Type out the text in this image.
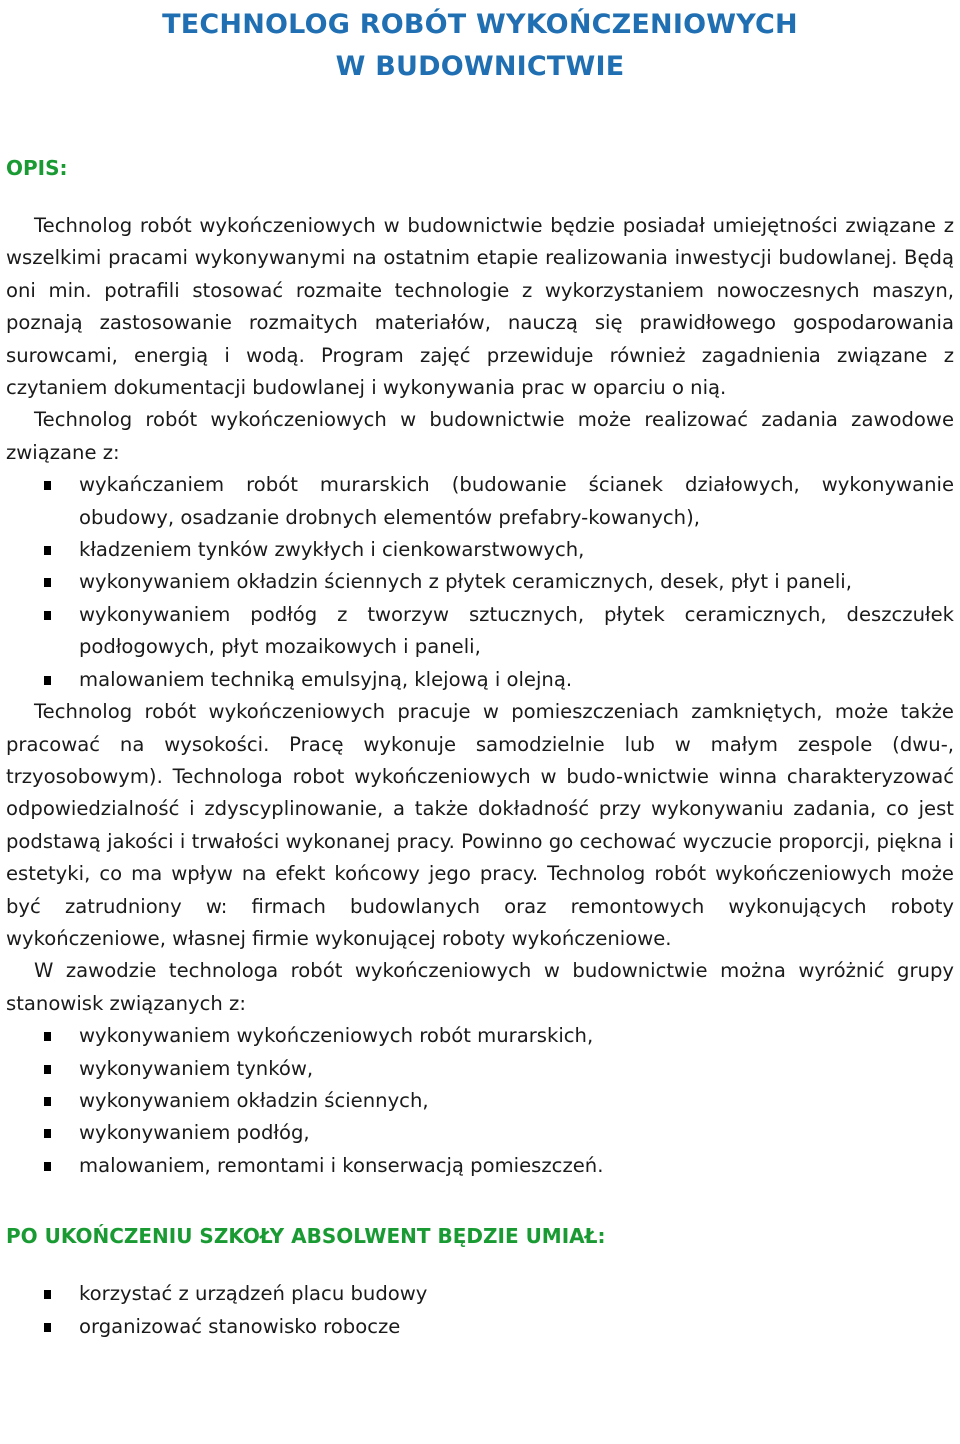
TECHNOLOG ROBÓT WYKOŃCZENIOWYCH
W BUDOWNICTWIE
OPIS:

Technolog robót wykończeniowych w budownictwie będzie posiadał umiejętności związane z wszelkimi pracami wykonywanymi na ostatnim etapie realizowania inwestycji budowlanej. Będą oni min. potrafili stosować rozmaite technologie z wykorzystaniem nowoczesnych maszyn, poznają zastosowanie rozmaitych materiałów, nauczą się prawidłowego gospodarowania surowcami, energią i wodą. Program zajęć przewiduje również zagadnienia związane z czytaniem dokumentacji budowlanej i wykonywania prac w oparciu o nią.

Technolog robót wykończeniowych w budownictwie może realizować zadania zawodowe związane z:

wykańczaniem robót murarskich (budowanie ścianek działowych, wykonywanie obudowy, osadzanie drobnych elementów prefabry-kowanych),
kładzeniem tynków zwykłych i cienkowarstwowych,
wykonywaniem okładzin ściennych z płytek ceramicznych, desek, płyt i paneli,
wykonywaniem podłóg z tworzyw sztucznych, płytek ceramicznych, deszczułek podłogowych, płyt mozaikowych i paneli,
malowaniem techniką emulsyjną, klejową i olejną.

Technolog robót wykończeniowych pracuje w pomieszczeniach zamkniętych, może także pracować na wysokości. Pracę wykonuje samodzielnie lub w małym zespole (dwu-, trzyosobowym). Technologa robot wykończeniowych w budo-wnictwie winna charakteryzować odpowiedzialność i zdyscyplinowanie, a także dokładność przy wykonywaniu zadania, co jest podstawą jakości i trwałości wykonanej pracy. Powinno go cechować wyczucie proporcji, piękna i estetyki, co ma wpływ na efekt końcowy jego pracy. Technolog robót wykończeniowych może być zatrudniony w: firmach budowlanych oraz remontowych wykonujących roboty wykończeniowe, własnej firmie wykonującej roboty wykończeniowe.

W zawodzie technologa robót wykończeniowych w budownictwie można wyróżnić grupy stanowisk związanych z:

wykonywaniem wykończeniowych robót murarskich,
wykonywaniem tynków,
wykonywaniem okładzin ściennych,
wykonywaniem podłóg,
malowaniem, remontami i konserwacją pomieszczeń.
PO UKOŃCZENIU SZKOŁY ABSOLWENT BĘDZIE UMIAŁ:
korzystać z urządzeń placu budowy
organizować stanowisko robocze
